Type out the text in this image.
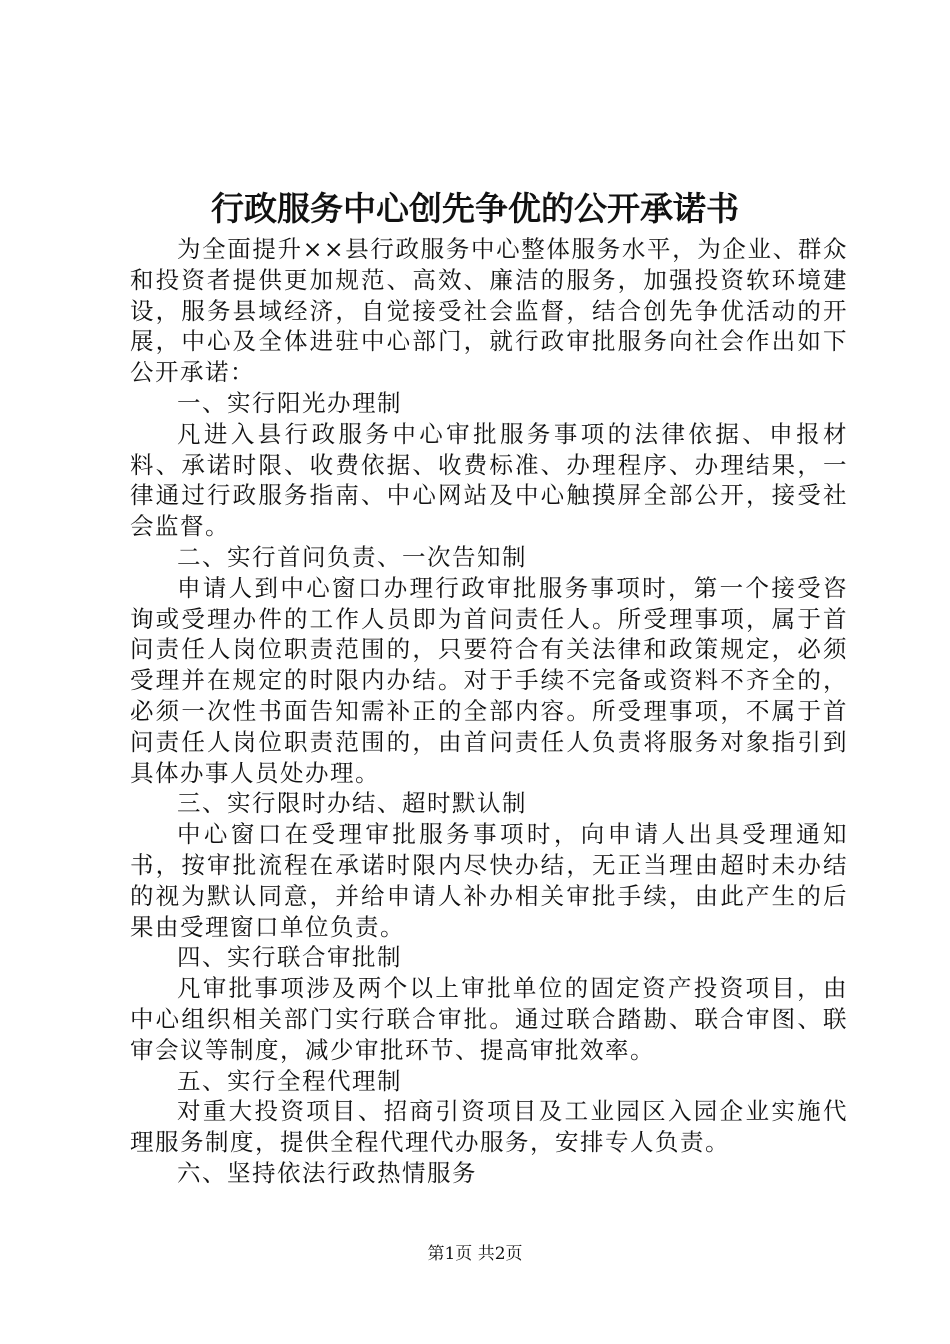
行政服务中心创先争优的公开承诺书

为全面提升××县行政服务中心整体服务水平，为企业、群众和投资者提供更加规范、高效、廉洁的服务，加强投资软环境建设，服务县域经济，自觉接受社会监督，结合创先争优活动的开展，中心及全体进驻中心部门，就行政审批服务向社会作出如下公开承诺：

一、实行阳光办理制

凡进入县行政服务中心审批服务事项的法律依据、申报材料、承诺时限、收费依据、收费标准、办理程序、办理结果，一律通过行政服务指南、中心网站及中心触摸屏全部公开，接受社会监督。

二、实行首问负责、一次告知制

申请人到中心窗口办理行政审批服务事项时，第一个接受咨询或受理办件的工作人员即为首问责任人。所受理事项，属于首问责任人岗位职责范围的，只要符合有关法律和政策规定，必须受理并在规定的时限内办结。对于手续不完备或资料不齐全的，必须一次性书面告知需补正的全部内容。所受理事项，不属于首问责任人岗位职责范围的，由首问责任人负责将服务对象指引到具体办事人员处办理。

三、实行限时办结、超时默认制

中心窗口在受理审批服务事项时，向申请人出具受理通知书，按审批流程在承诺时限内尽快办结，无正当理由超时未办结的视为默认同意，并给申请人补办相关审批手续，由此产生的后果由受理窗口单位负责。

四、实行联合审批制

凡审批事项涉及两个以上审批单位的固定资产投资项目，由中心组织相关部门实行联合审批。通过联合踏勘、联合审图、联审会议等制度，减少审批环节、提高审批效率。

五、实行全程代理制

对重大投资项目、招商引资项目及工业园区入园企业实施代理服务制度，提供全程代理代办服务，安排专人负责。

六、坚持依法行政热情服务

第1页 共2页
